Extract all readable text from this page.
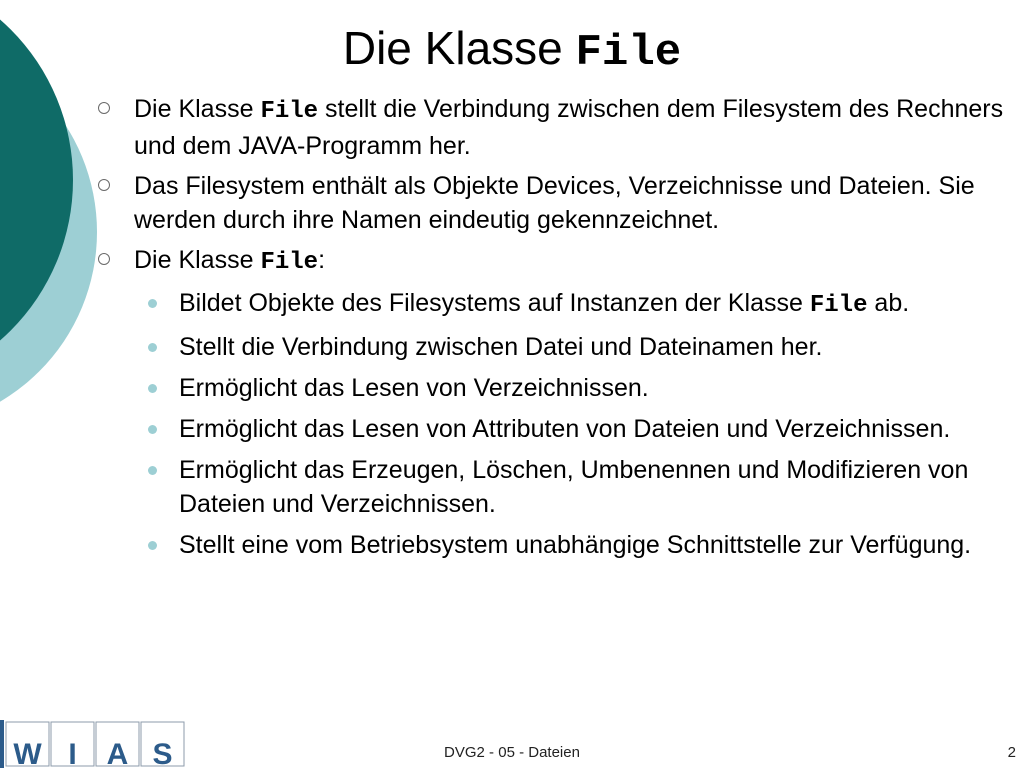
Die Klasse File
Die Klasse File stellt die Verbindung zwischen dem Filesystem des Rechners und dem JAVA-Programm her.
Das Filesystem enthält als Objekte Devices, Verzeichnisse und Dateien. Sie werden durch ihre Namen eindeutig gekennzeichnet.
Die Klasse File:
Bildet Objekte des Filesystems auf Instanzen der Klasse File ab.
Stellt die Verbindung zwischen Datei und Dateinamen her.
Ermöglicht das Lesen von Verzeichnissen.
Ermöglicht das Lesen von Attributen von Dateien und Verzeichnissen.
Ermöglicht das Erzeugen, Löschen, Umbenennen und Modifizieren von Dateien und Verzeichnissen.
Stellt eine vom Betriebsystem unabhängige Schnittstelle zur Verfügung.
W I A S	DVG2 - 05 - Dateien	2
